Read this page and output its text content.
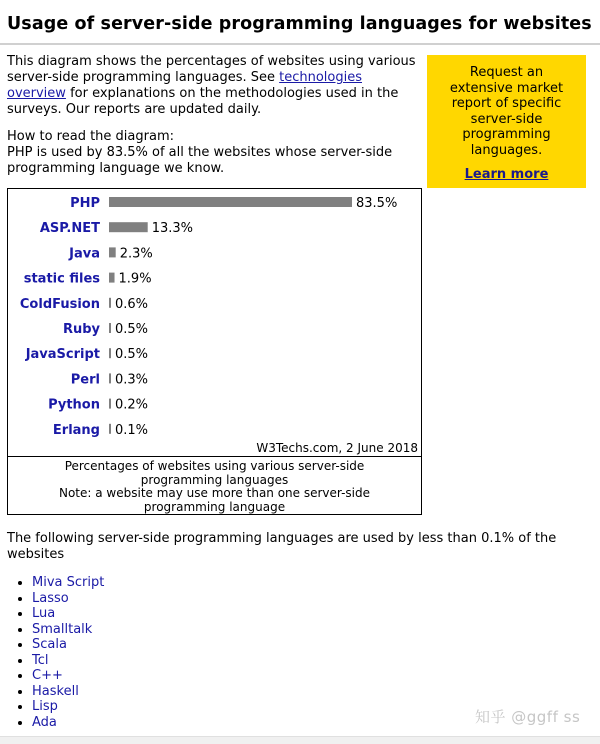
Usage of server-side programming languages for websites
This diagram shows the percentages of websites using various server-side programming languages. See technologies overview for explanations on the methodologies used in the surveys. Our reports are updated daily.
How to read the diagram:
PHP is used by 83.5% of all the websites whose server-side programming language we know.
Request an extensive market report of specific server-side programming languages.
Learn more
PHP	83.5%
ASP.NET	13.3%
Java 2.3%
static files 1.9%
ColdFusion 0.6%
Ruby 0.5%
JavaScript 0.5%
Perl 0.3%
Python 0.2%
Erlang 0.1%
W3Techs.com, 2 June 2018
Percentages of websites using various server-side programming languages
Note: a website may use more than one server-side programming language
The following server-side programming languages are used by less than 0.1% of the websites
• Miva Script
• Lasso
• Lua
• Smalltalk
• Scala
• Tcl
• C++
• Haskell
• Lisp
• Ada	知乎 @ggff ss
